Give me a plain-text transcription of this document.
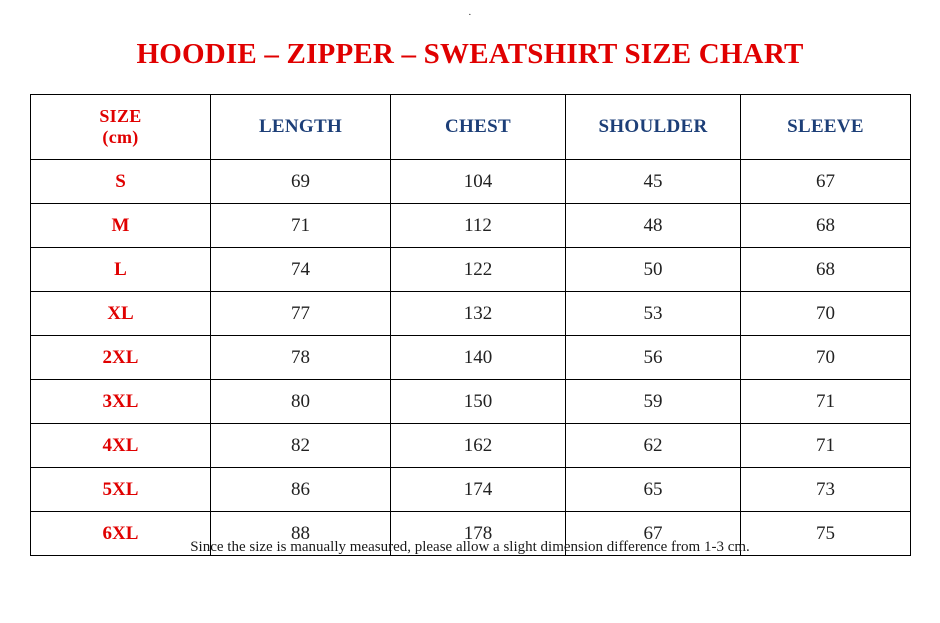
·
HOODIE – ZIPPER – SWEATSHIRT SIZE CHART
SIZE
(cm)	LENGTH	CHEST	SHOULDER	SLEEVE
S	69	104	45	67
M	71	112	48	68
L	74	122	50	68
XL	77	132	53	70
2XL	78	140	56	70
3XL	80	150	59	71
4XL	82	162	62	71
5XL	86	174	65	73
6XL	88	178	67	75
Since the size is manually measured, please allow a slight dimension difference from 1-3 cm.
